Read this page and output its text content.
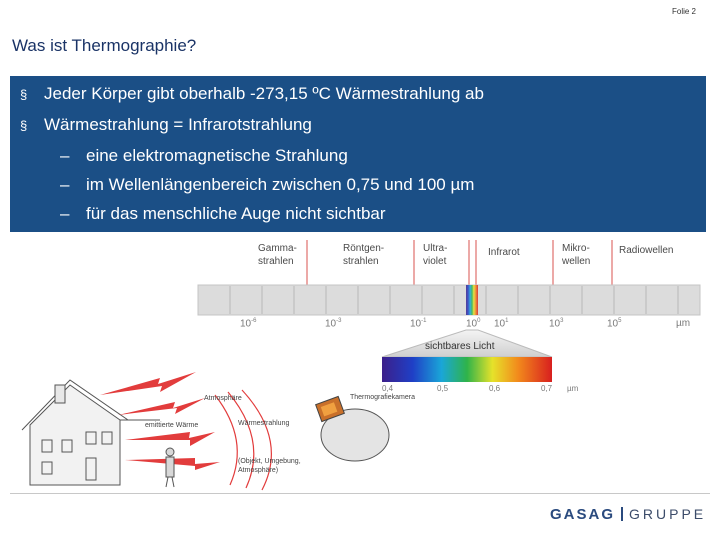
Folie 2
Was ist Thermographie?
§ Jeder Körper gibt oberhalb -273,15 ºC Wärmestrahlung ab
§ Wärmestrahlung = Infrarotstrahlung
– eine elektromagnetische Strahlung
– im Wellenlängenbereich zwischen 0,75 und 100 µm
– für das menschliche Auge nicht sichtbar
Gamma-
strahlen
Röntgen-
strahlen
Ultra-
violet
Infrarot	Mikro-
wellen
Radiowellen
$10^{-6}$	$10^{-3}$	$10^{-1}$	$10^0$ $10^1$	$10^3$	$10^5$	µm
sichtbares Licht
0,4	0,5	0,6	0,7 µm
Atmosphäre	Thermografiekamera
emittierte Wärme	Wärmestrahlung
(Objekt, Umgebung,
Atmosphäre)
GASAG GRUPPE
